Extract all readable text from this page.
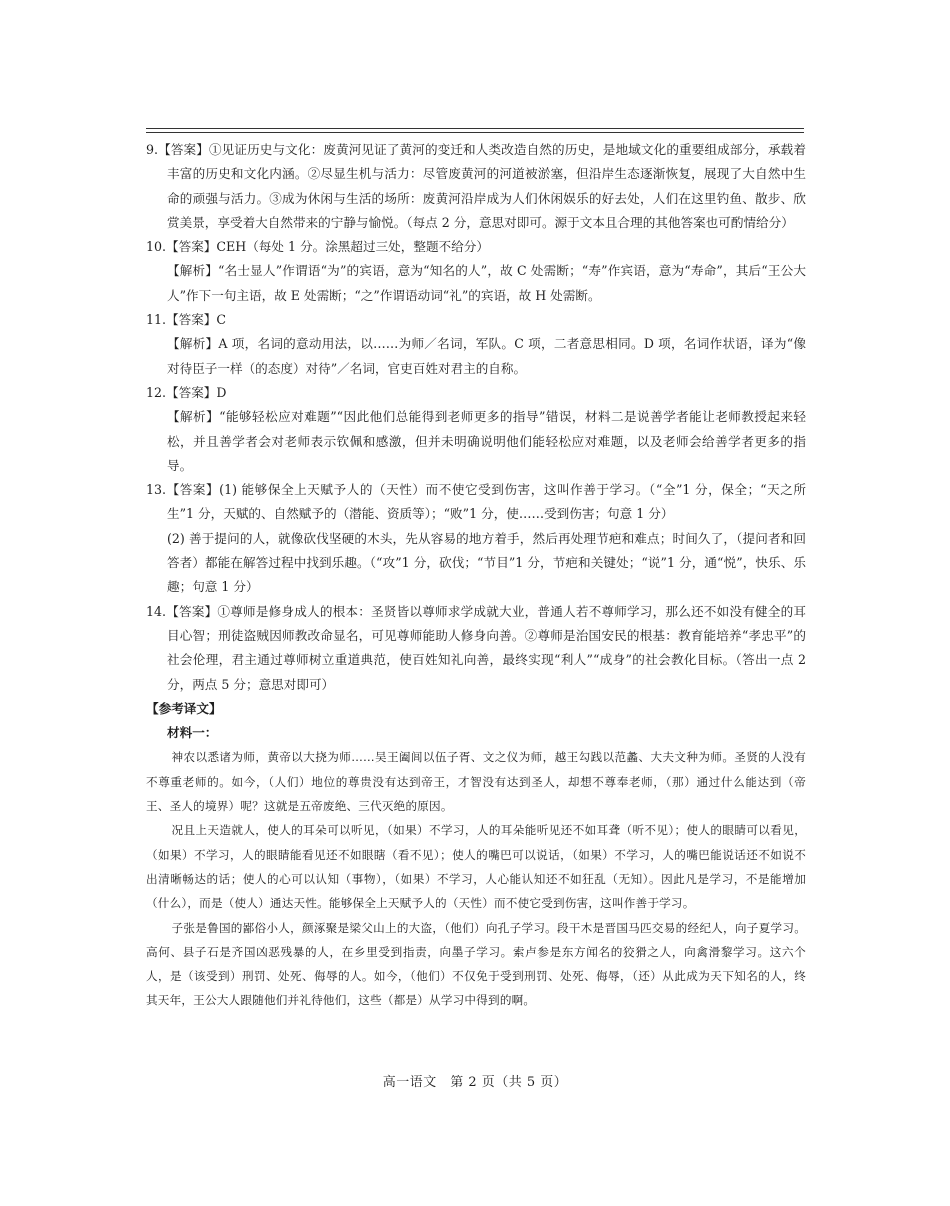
9.【答案】①见证历史与文化：废黄河见证了黄河的变迁和人类改造自然的历史，是地域文化的重要组成部分，承载着丰富的历史和文化内涵。②尽显生机与活力：尽管废黄河的河道被淤塞，但沿岸生态逐渐恢复，展现了大自然中生命的顽强与活力。③成为休闲与生活的场所：废黄河沿岸成为人们休闲娱乐的好去处，人们在这里钓鱼、散步、欣赏美景，享受着大自然带来的宁静与愉悦。（每点 2 分，意思对即可。源于文本且合理的其他答案也可酌情给分）

10.【答案】CEH（每处 1 分。涂黑超过三处，整题不给分）

【解析】“名士显人”作谓语“为”的宾语，意为“知名的人”，故 C 处需断；“寿”作宾语，意为“寿命”，其后“王公大人”作下一句主语，故 E 处需断；“之”作谓语动词“礼”的宾语，故 H 处需断。

11.【答案】C

【解析】A 项，名词的意动用法，以……为师／名词，军队。C 项，二者意思相同。D 项，名词作状语，译为“像对待臣子一样（的态度）对待”／名词，官吏百姓对君主的自称。

12.【答案】D

【解析】“能够轻松应对难题”“因此他们总能得到老师更多的指导”错误，材料二是说善学者能让老师教授起来轻松，并且善学者会对老师表示钦佩和感激，但并未明确说明他们能轻松应对难题，以及老师会给善学者更多的指导。

13.【答案】(1) 能够保全上天赋予人的（天性）而不使它受到伤害，这叫作善于学习。（“全”1 分，保全；“天之所生”1 分，天赋的、自然赋予的（潜能、资质等）；“败”1 分，使……受到伤害；句意 1 分）

(2) 善于提问的人，就像砍伐坚硬的木头，先从容易的地方着手，然后再处理节疤和难点；时间久了，（提问者和回答者）都能在解答过程中找到乐趣。（“攻”1 分，砍伐；“节目”1 分，节疤和关键处；“说”1 分，通“悦”，快乐、乐趣；句意 1 分）

14.【答案】①尊师是修身成人的根本：圣贤皆以尊师求学成就大业，普通人若不尊师学习，那么还不如没有健全的耳目心智；刑徒盗贼因师教改命显名，可见尊师能助人修身向善。②尊师是治国安民的根基：教育能培养“孝忠平”的社会伦理，君主通过尊师树立重道典范，使百姓知礼向善，最终实现“利人”“成身”的社会教化目标。（答出一点 2 分，两点 5 分；意思对即可）

【参考译文】

材料一：

神农以悉诸为师，黄帝以大挠为师……吴王阖闾以伍子胥、文之仪为师，越王勾践以范蠡、大夫文种为师。圣贤的人没有不尊重老师的。如今，（人们）地位的尊贵没有达到帝王，才智没有达到圣人，却想不尊奉老师，（那）通过什么能达到（帝王、圣人的境界）呢？这就是五帝废绝、三代灭绝的原因。

况且上天造就人，使人的耳朵可以听见，（如果）不学习，人的耳朵能听见还不如耳聋（听不见）；使人的眼睛可以看见，（如果）不学习，人的眼睛能看见还不如眼瞎（看不见）；使人的嘴巴可以说话，（如果）不学习，人的嘴巴能说话还不如说不出清晰畅达的话；使人的心可以认知（事物），（如果）不学习，人心能认知还不如狂乱（无知）。因此凡是学习，不是能增加（什么），而是（使人）通达天性。能够保全上天赋予人的（天性）而不使它受到伤害，这叫作善于学习。

子张是鲁国的鄙俗小人，颜涿聚是梁父山上的大盗，（他们）向孔子学习。段干木是晋国马匹交易的经纪人，向子夏学习。高何、县子石是齐国凶恶残暴的人，在乡里受到指责，向墨子学习。索卢参是东方闻名的狡猾之人，向禽滑黎学习。这六个人，是（该受到）刑罚、处死、侮辱的人。如今，（他们）不仅免于受到刑罚、处死、侮辱，（还）从此成为天下知名的人，终其天年，王公大人跟随他们并礼待他们，这些（都是）从学习中得到的啊。

高一语文　第 2 页（共 5 页）
